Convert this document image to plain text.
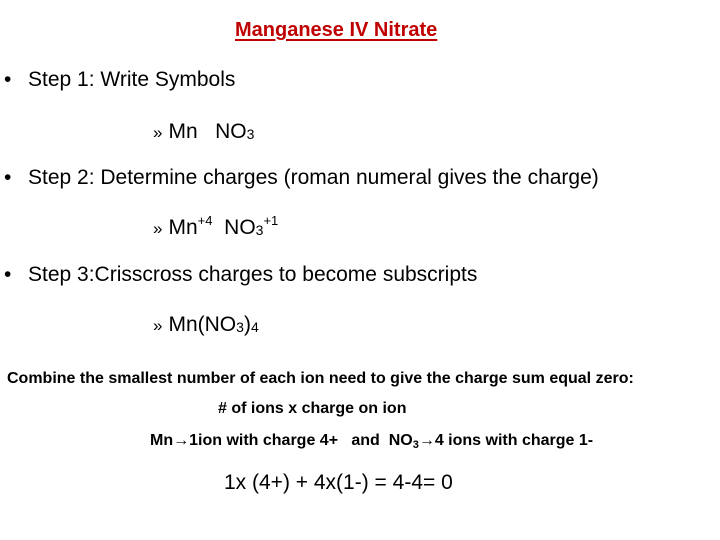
Manganese IV Nitrate
• Step 1: Write Symbols
» Mn   $NO_3$
• Step 2: Determine charges (roman numeral gives the charge)
» $Mn^{+4}$  $NO_3^{+1}$
• Step 3:Crisscross charges to become subscripts
» $Mn(NO_3)_4$
Combine the smallest number of each ion need to give the charge sum equal zero:
# of ions x charge on ion
Mn→1ion with charge 4+   and  $NO_3\to 4$ ions with charge 1-
1x (4+) + 4x(1-) = 4-4= 0
